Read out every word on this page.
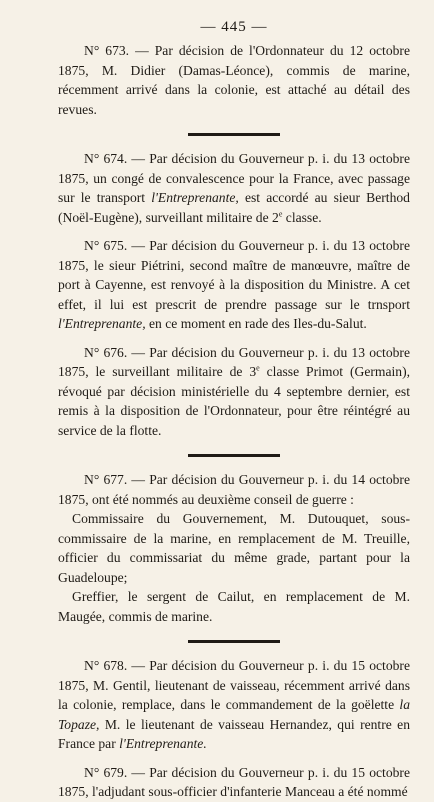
— 445 —

N° 673. — Par décision de l'Ordonnateur du 12 octobre 1875, M. Didier (Damas-Léonce), commis de marine, récemment arrivé dans la colonie, est attaché au détail des revues.

N° 674. — Par décision du Gouverneur p. i. du 13 octobre 1875, un congé de convalescence pour la France, avec passage sur le transport l'Entreprenante, est accordé au sieur Berthod (Noël-Eugène), surveillant militaire de 2e classe.

N° 675. — Par décision du Gouverneur p. i. du 13 octobre 1875, le sieur Piétrini, second maître de manœuvre, maître de port à Cayenne, est renvoyé à la disposition du Ministre. A cet effet, il lui est prescrit de prendre passage sur le trnsport l'Entreprenante, en ce moment en rade des Iles-du-Salut.

N° 676. — Par décision du Gouverneur p. i. du 13 octobre 1875, le surveillant militaire de 3e classe Primot (Germain), révoqué par décision ministérielle du 4 septembre dernier, est remis à la disposition de l'Ordonnateur, pour être réintégré au service de la flotte.

N° 677. — Par décision du Gouverneur p. i. du 14 octobre 1875, ont été nommés au deuxième conseil de guerre :

Commissaire du Gouvernement, M. Dutouquet, sous-commissaire de la marine, en remplacement de M. Treuille, officier du commissariat du même grade, partant pour la Guadeloupe;

Greffier, le sergent de Cailut, en remplacement de M. Maugée, commis de marine.

N° 678. — Par décision du Gouverneur p. i. du 15 octobre 1875, M. Gentil, lieutenant de vaisseau, récemment arrivé dans la colonie, remplace, dans le commandement de la goëlette la Topaze, M. le lieutenant de vaisseau Hernandez, qui rentre en France par l'Entreprenante.

N° 679. — Par décision du Gouverneur p. i. du 15 octobre 1875, l'adjudant sous-officier d'infanterie Manceau a été nommé
